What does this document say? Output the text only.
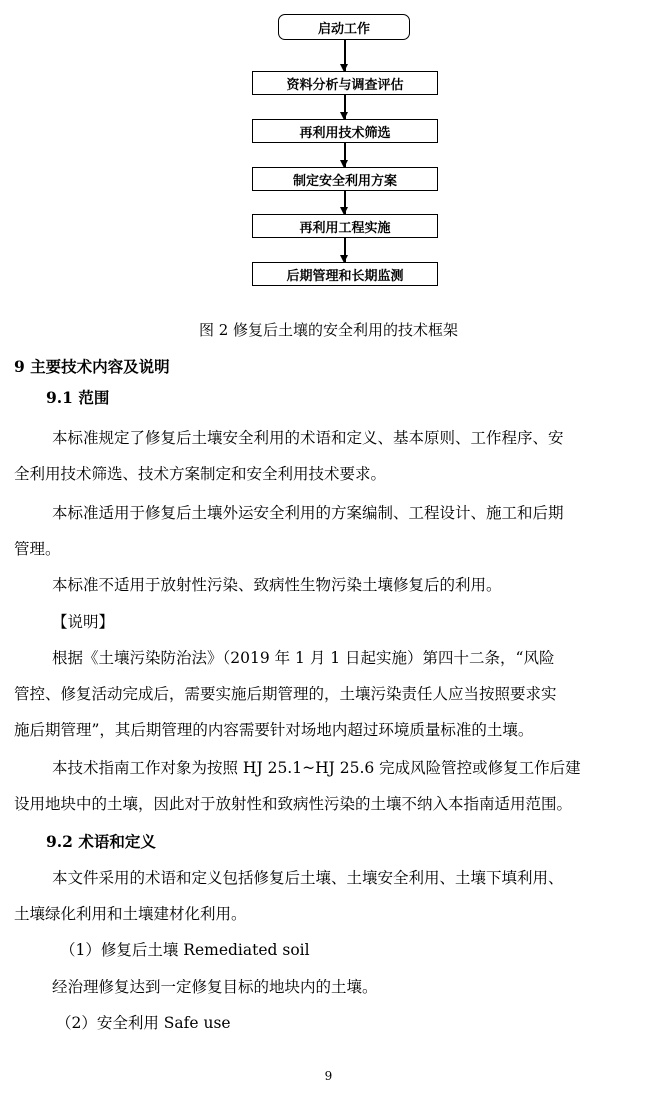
启动工作
资料分析与调查评估
再利用技术筛选
制定安全利用方案
再利用工程实施
后期管理和长期监测
图 2 修复后土壤的安全利用的技术框架
9 主要技术内容及说明
9.1 范围
本标准规定了修复后土壤安全利用的术语和定义、基本原则、工作程序、安
全利用技术筛选、技术方案制定和安全利用技术要求。
本标准适用于修复后土壤外运安全利用的方案编制、工程设计、施工和后期
管理。
本标准不适用于放射性污染、致病性生物污染土壤修复后的利用。
【说明】
根据《土壤污染防治法》（2019 年 1 月 1 日起实施）第四十二条，“风险
管控、修复活动完成后，需要实施后期管理的，土壤污染责任人应当按照要求实
施后期管理”，其后期管理的内容需要针对场地内超过环境质量标准的土壤。
本技术指南工作对象为按照 HJ 25.1~HJ 25.6 完成风险管控或修复工作后建
设用地块中的土壤，因此对于放射性和致病性污染的土壤不纳入本指南适用范围。
9.2 术语和定义
本文件采用的术语和定义包括修复后土壤、土壤安全利用、土壤下填利用、
土壤绿化利用和土壤建材化利用。
（1）修复后土壤 Remediated soil
经治理修复达到一定修复目标的地块内的土壤。
（2）安全利用 Safe use
9
